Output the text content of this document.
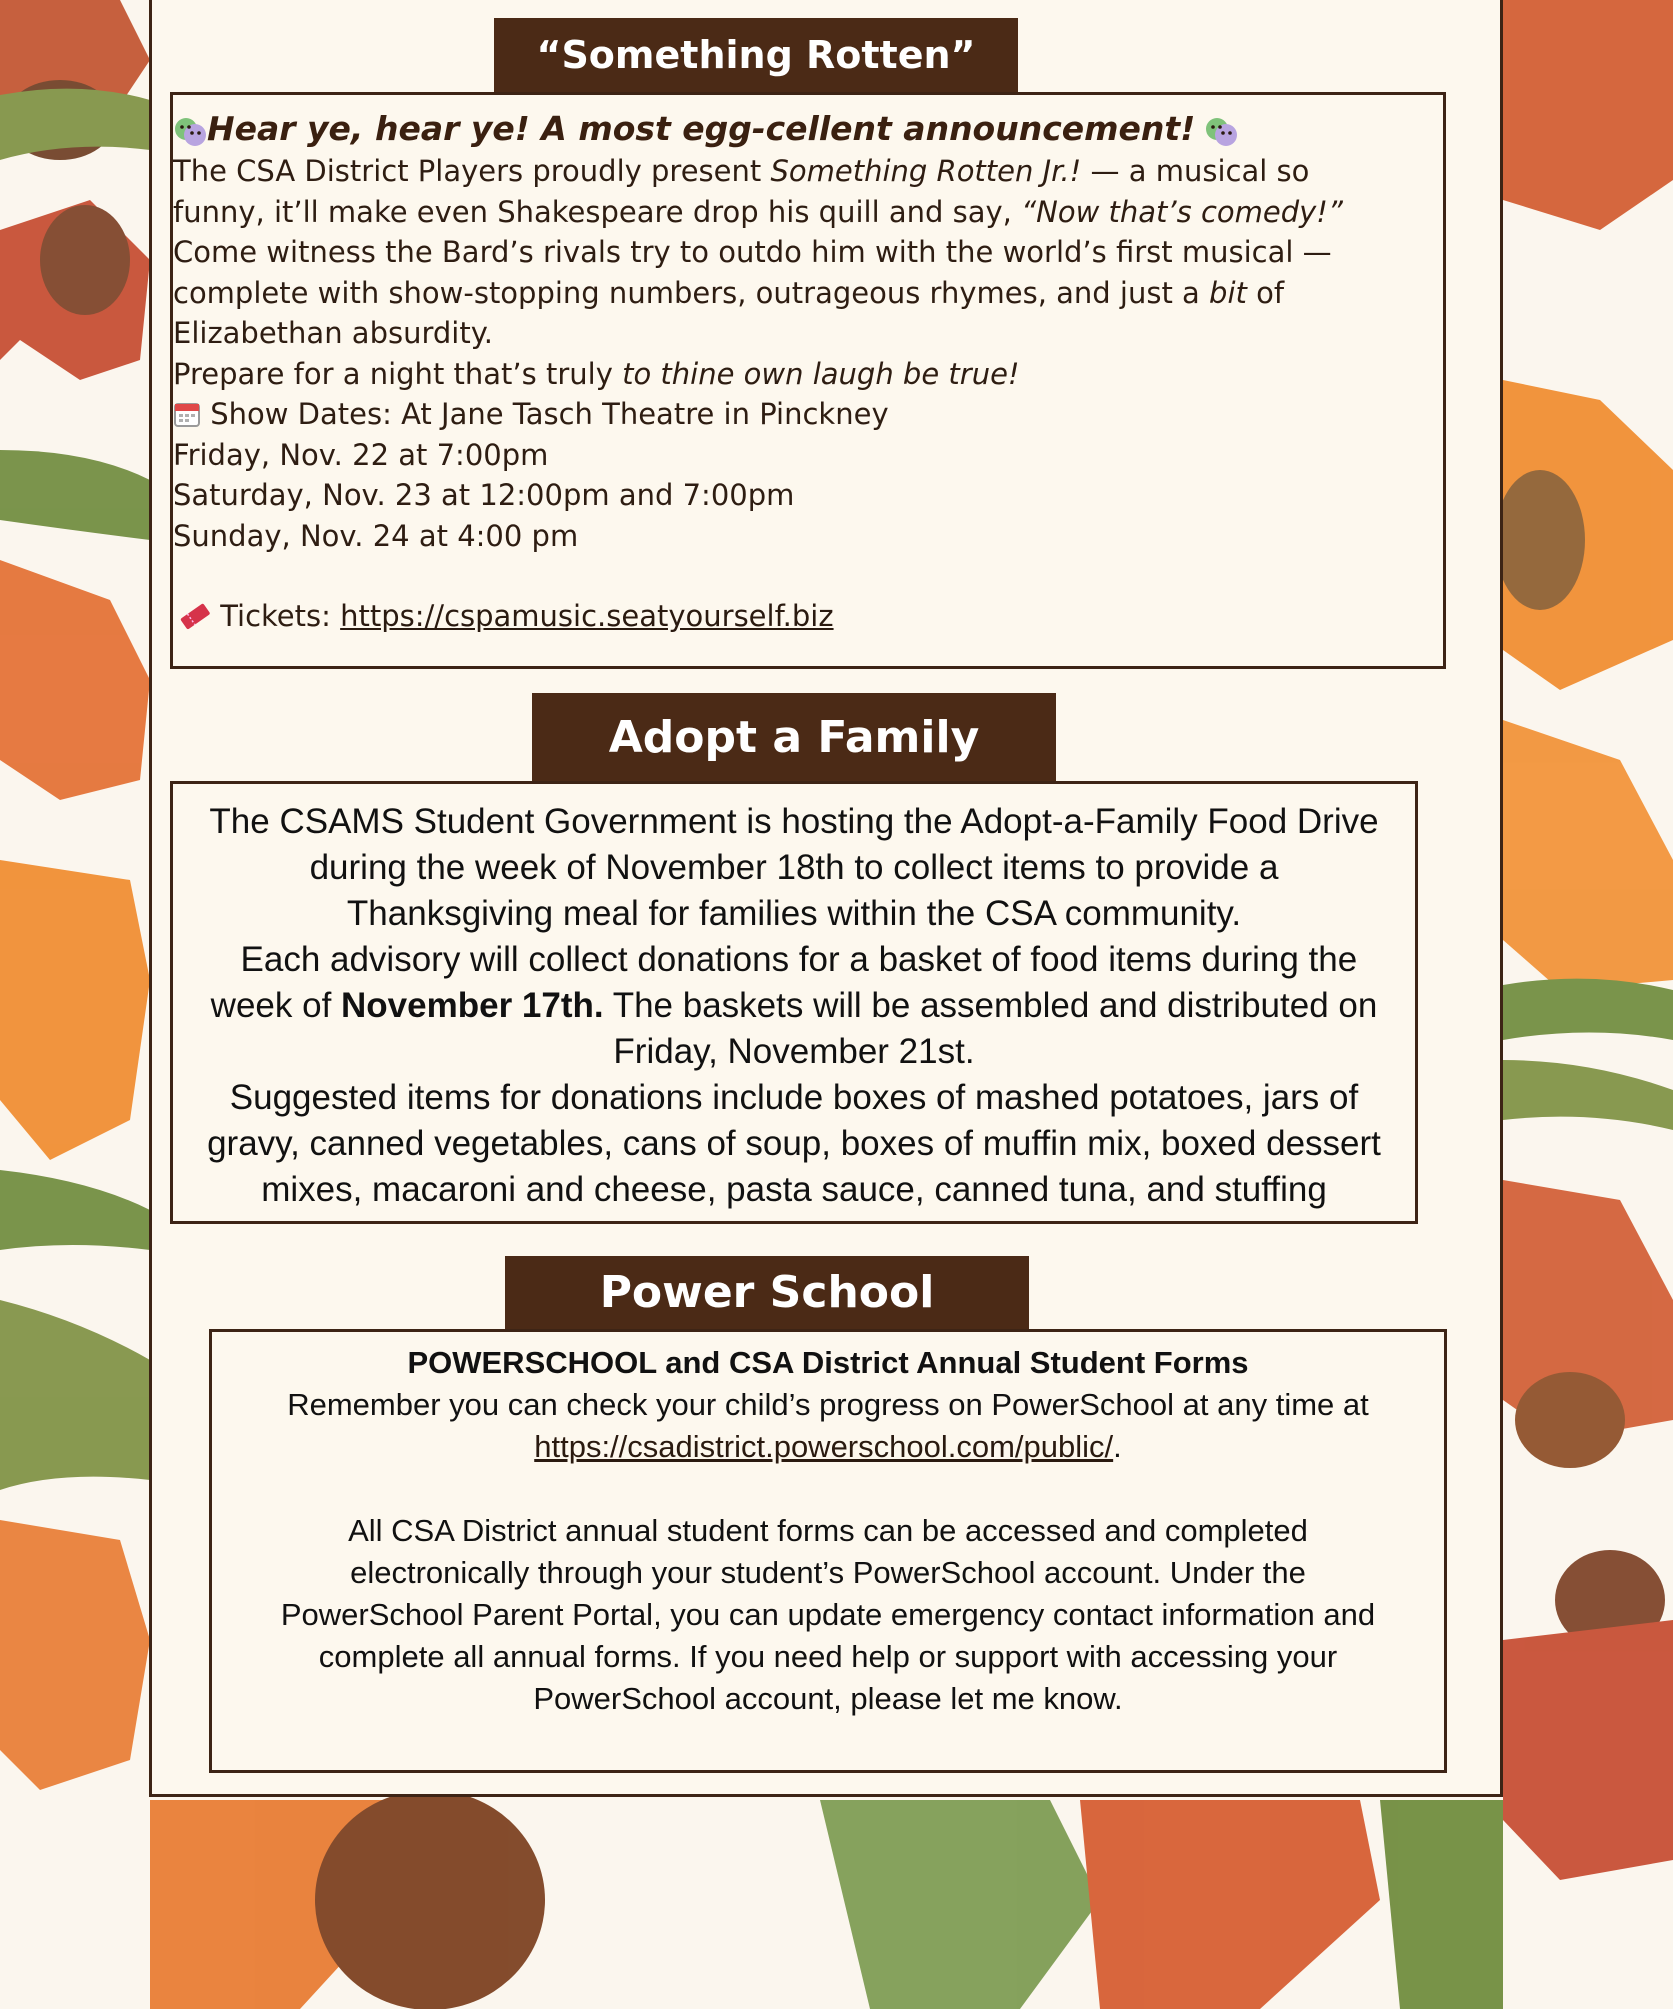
“Something Rotten”
Hear ye, hear ye! A most egg-cellent announcement!
The CSA District Players proudly present Something Rotten Jr.! — a musical so
funny, it’ll make even Shakespeare drop his quill and say, “Now that’s comedy!”
Come witness the Bard’s rivals try to outdo him with the world’s first musical —
complete with show-stopping numbers, outrageous rhymes, and just a bit of
Elizabethan absurdity.
Prepare for a night that’s truly to thine own laugh be true!
Show Dates: At Jane Tasch Theatre in Pinckney
Friday, Nov. 22 at 7:00pm
Saturday, Nov. 23 at 12:00pm and 7:00pm
Sunday, Nov. 24 at 4:00 pm
Tickets: https://cspamusic.seatyourself.biz
Adopt a Family
The CSAMS Student Government is hosting the Adopt-a-Family Food Drive
during the week of November 18th to collect items to provide a
Thanksgiving meal for families within the CSA community.
Each advisory will collect donations for a basket of food items during the
week of November 17th. The baskets will be assembled and distributed on
Friday, November 21st.
Suggested items for donations include boxes of mashed potatoes, jars of
gravy, canned vegetables, cans of soup, boxes of muffin mix, boxed dessert
mixes, macaroni and cheese, pasta sauce, canned tuna, and stuffing
Power School
POWERSCHOOL and CSA District Annual Student Forms
Remember you can check your child’s progress on PowerSchool at any time at
https://csadistrict.powerschool.com/public/.
All CSA District annual student forms can be accessed and completed
electronically through your student’s PowerSchool account. Under the
PowerSchool Parent Portal, you can update emergency contact information and
complete all annual forms. If you need help or support with accessing your
PowerSchool account, please let me know.
